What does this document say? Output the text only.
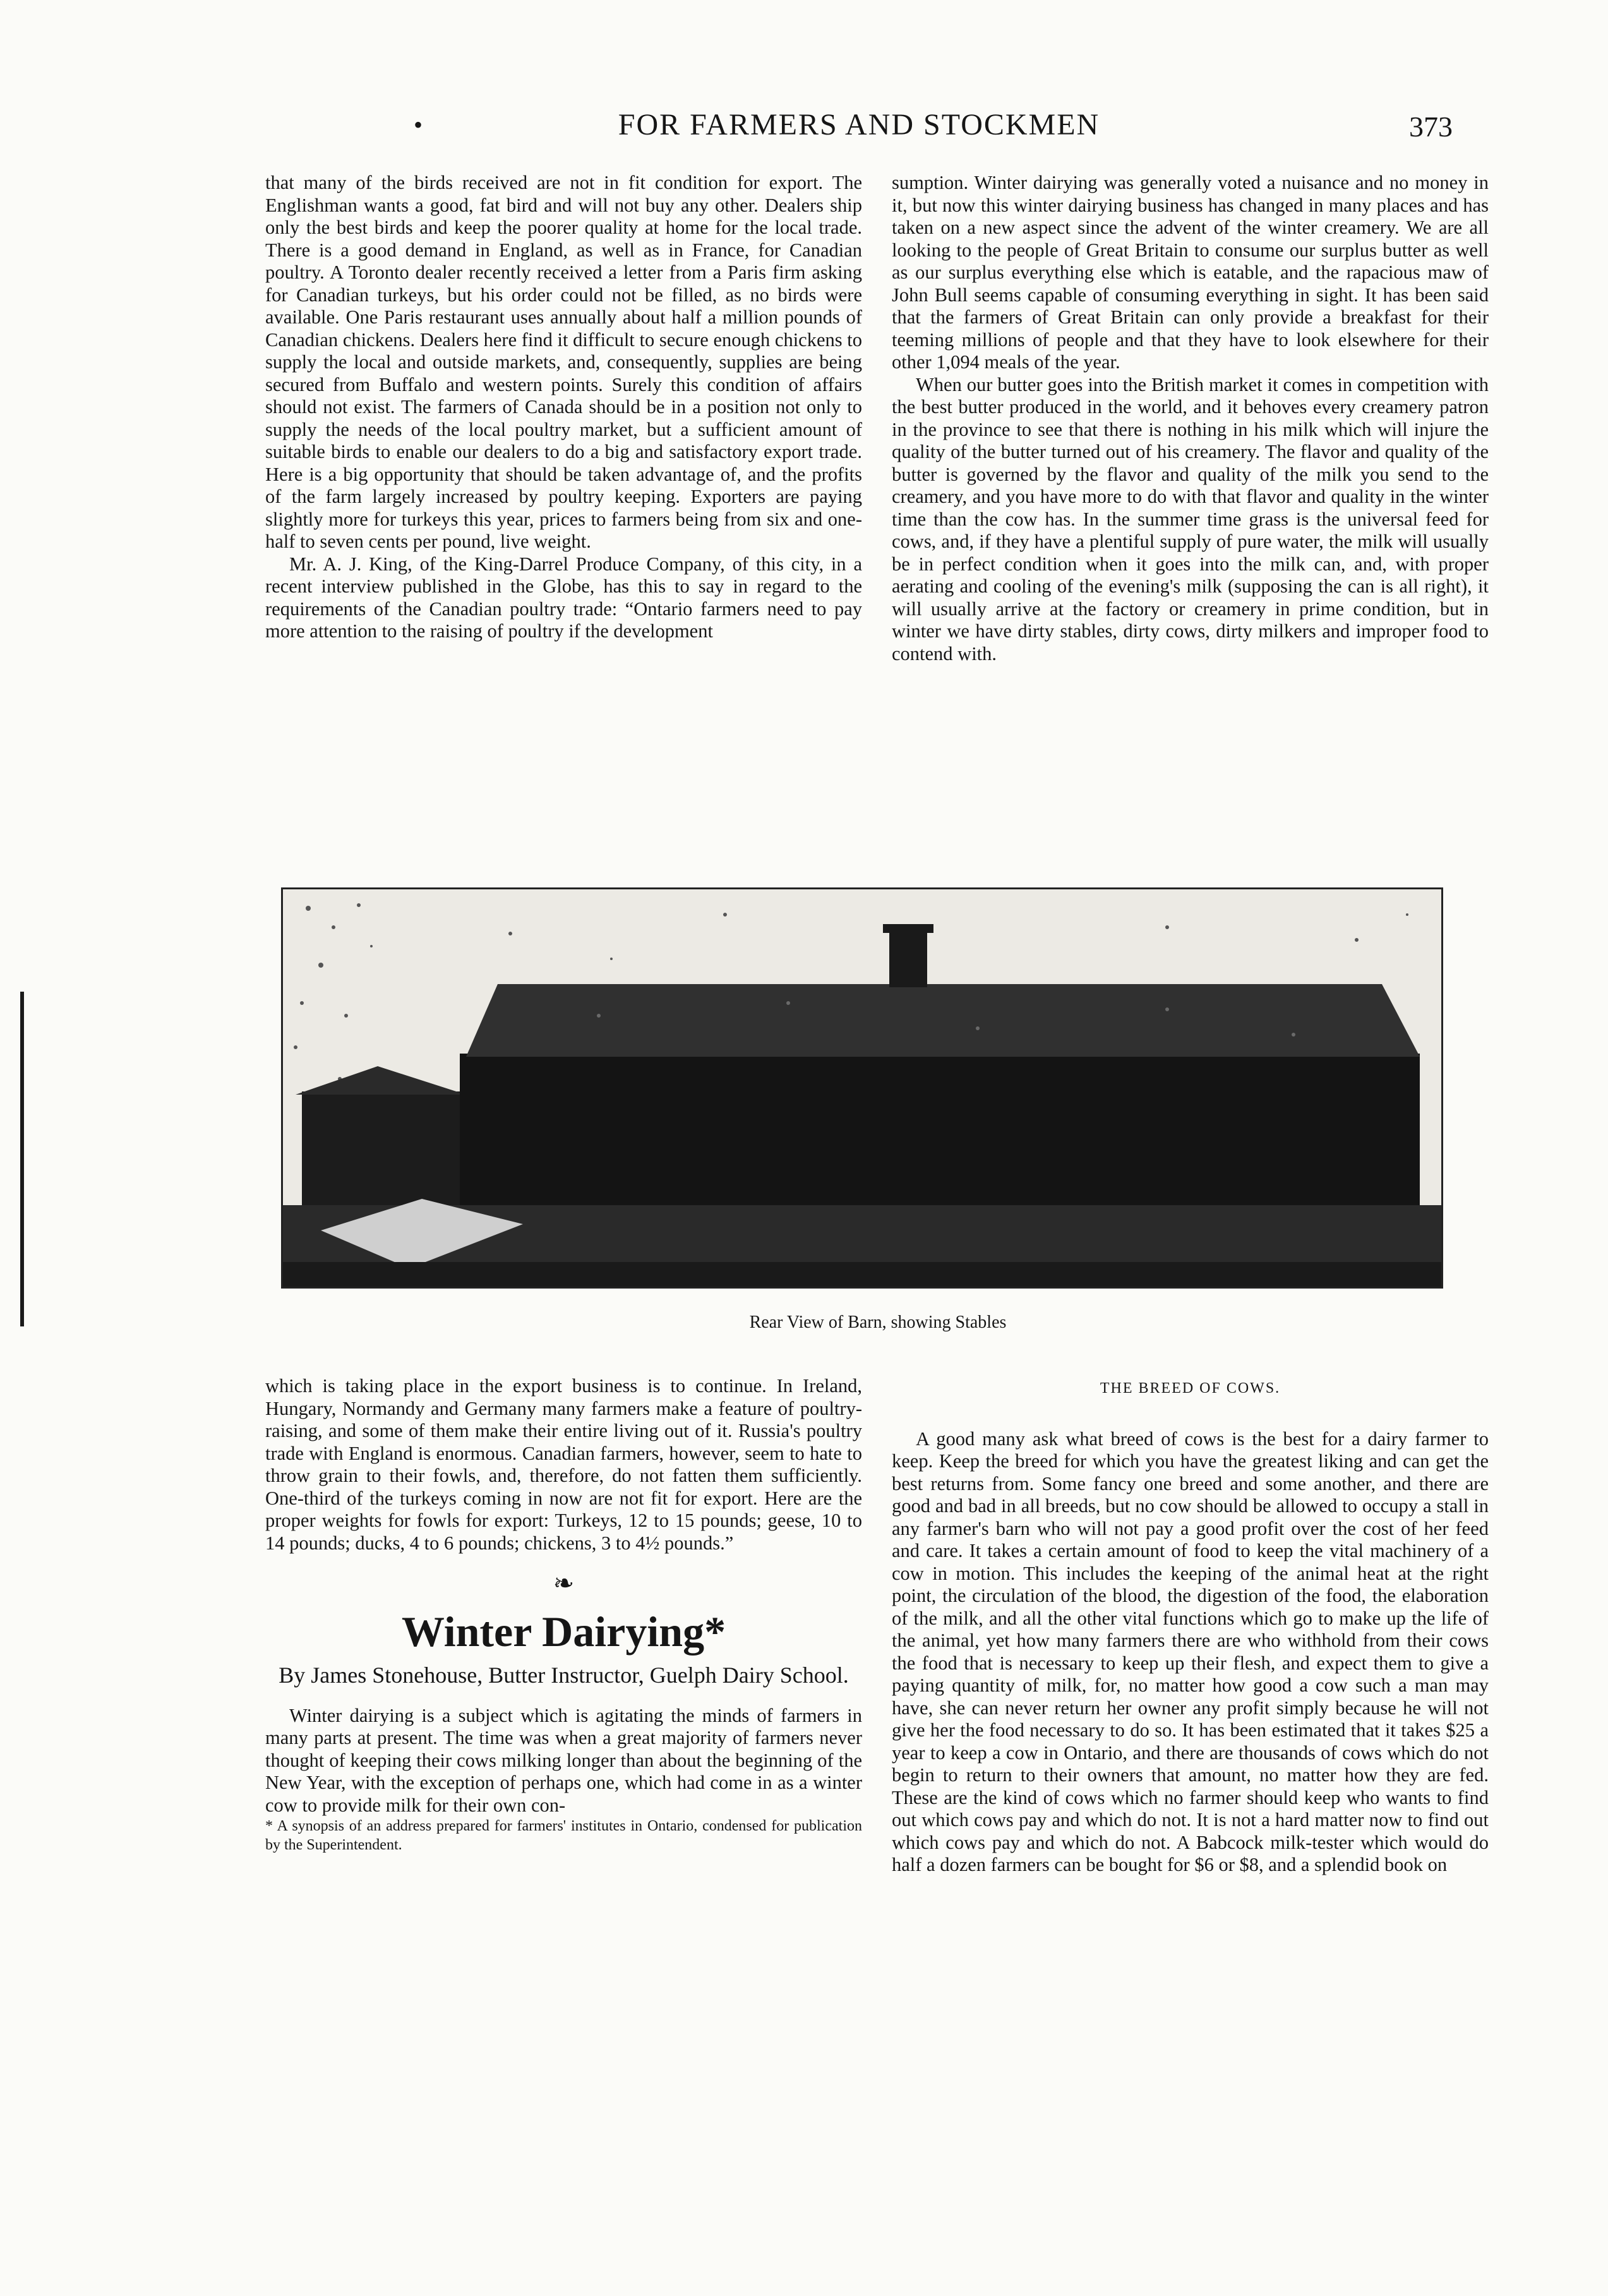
•	FOR FARMERS AND STOCKMEN	373

that many of the birds received are not in fit condition for export. The Englishman wants a good, fat bird and will not buy any other. Dealers ship only the best birds and keep the poorer quality at home for the local trade. There is a good demand in England, as well as in France, for Canadian poultry. A Toronto dealer recently received a letter from a Paris firm asking for Canadian turkeys, but his order could not be filled, as no birds were available. One Paris restaurant uses annually about half a million pounds of Canadian chickens. Dealers here find it difficult to secure enough chickens to supply the local and outside markets, and, consequently, supplies are being secured from Buffalo and western points. Surely this condition of affairs should not exist. The farmers of Canada should be in a position not only to supply the needs of the local poultry market, but a sufficient amount of suitable birds to enable our dealers to do a big and satisfactory export trade. Here is a big opportunity that should be taken advantage of, and the profits of the farm largely increased by poultry keeping. Exporters are paying slightly more for turkeys this year, prices to farmers being from six and one-half to seven cents per pound, live weight.

Mr. A. J. King, of the King-Darrel Produce Company, of this city, in a recent interview published in the Globe, has this to say in regard to the requirements of the Canadian poultry trade: “Ontario farmers need to pay more attention to the raising of poultry if the development

sumption. Winter dairying was generally voted a nuisance and no money in it, but now this winter dairying business has changed in many places and has taken on a new aspect since the advent of the winter creamery. We are all looking to the people of Great Britain to consume our surplus butter as well as our surplus everything else which is eatable, and the rapacious maw of John Bull seems capable of consuming everything in sight. It has been said that the farmers of Great Britain can only provide a breakfast for their teeming millions of people and that they have to look elsewhere for their other 1,094 meals of the year.

When our butter goes into the British market it comes in competition with the best butter produced in the world, and it behoves every creamery patron in the province to see that there is nothing in his milk which will injure the quality of the butter turned out of his creamery. The flavor and quality of the butter is governed by the flavor and quality of the milk you send to the creamery, and you have more to do with that flavor and quality in the winter time than the cow has. In the summer time grass is the universal feed for cows, and, if they have a plentiful supply of pure water, the milk will usually be in perfect condition when it goes into the milk can, and, with proper aerating and cooling of the evening's milk (supposing the can is all right), it will usually arrive at the factory or creamery in prime condition, but in winter we have dirty stables, dirty cows, dirty milkers and improper food to contend with.

Rear View of Barn, showing Stables

which is taking place in the export business is to continue. In Ireland, Hungary, Normandy and Germany many farmers make a feature of poultry-raising, and some of them make their entire living out of it. Russia's poultry trade with England is enormous. Canadian farmers, however, seem to hate to throw grain to their fowls, and, therefore, do not fatten them sufficiently. One-third of the turkeys coming in now are not fit for export. Here are the proper weights for fowls for export: Turkeys, 12 to 15 pounds; geese, 10 to 14 pounds; ducks, 4 to 6 pounds; chickens, 3 to 4½ pounds.”

❧
Winter Dairying*
By James Stonehouse, Butter Instructor, Guelph Dairy School.

Winter dairying is a subject which is agitating the minds of farmers in many parts at present. The time was when a great majority of farmers never thought of keeping their cows milking longer than about the beginning of the New Year, with the exception of perhaps one, which had come in as a winter cow to provide milk for their own con-

* A synopsis of an address prepared for farmers' institutes in Ontario, condensed for publication by the Superintendent.

THE BREED OF COWS.

A good many ask what breed of cows is the best for a dairy farmer to keep. Keep the breed for which you have the greatest liking and can get the best returns from. Some fancy one breed and some another, and there are good and bad in all breeds, but no cow should be allowed to occupy a stall in any farmer's barn who will not pay a good profit over the cost of her feed and care. It takes a certain amount of food to keep the vital machinery of a cow in motion. This includes the keeping of the animal heat at the right point, the circulation of the blood, the digestion of the food, the elaboration of the milk, and all the other vital functions which go to make up the life of the animal, yet how many farmers there are who withhold from their cows the food that is necessary to keep up their flesh, and expect them to give a paying quantity of milk, for, no matter how good a cow such a man may have, she can never return her owner any profit simply because he will not give her the food necessary to do so. It has been estimated that it takes $25 a year to keep a cow in Ontario, and there are thousands of cows which do not begin to return to their owners that amount, no matter how they are fed. These are the kind of cows which no farmer should keep who wants to find out which cows pay and which do not. It is not a hard matter now to find out which cows pay and which do not. A Babcock milk-tester which would do half a dozen farmers can be bought for $6 or $8, and a splendid book on
